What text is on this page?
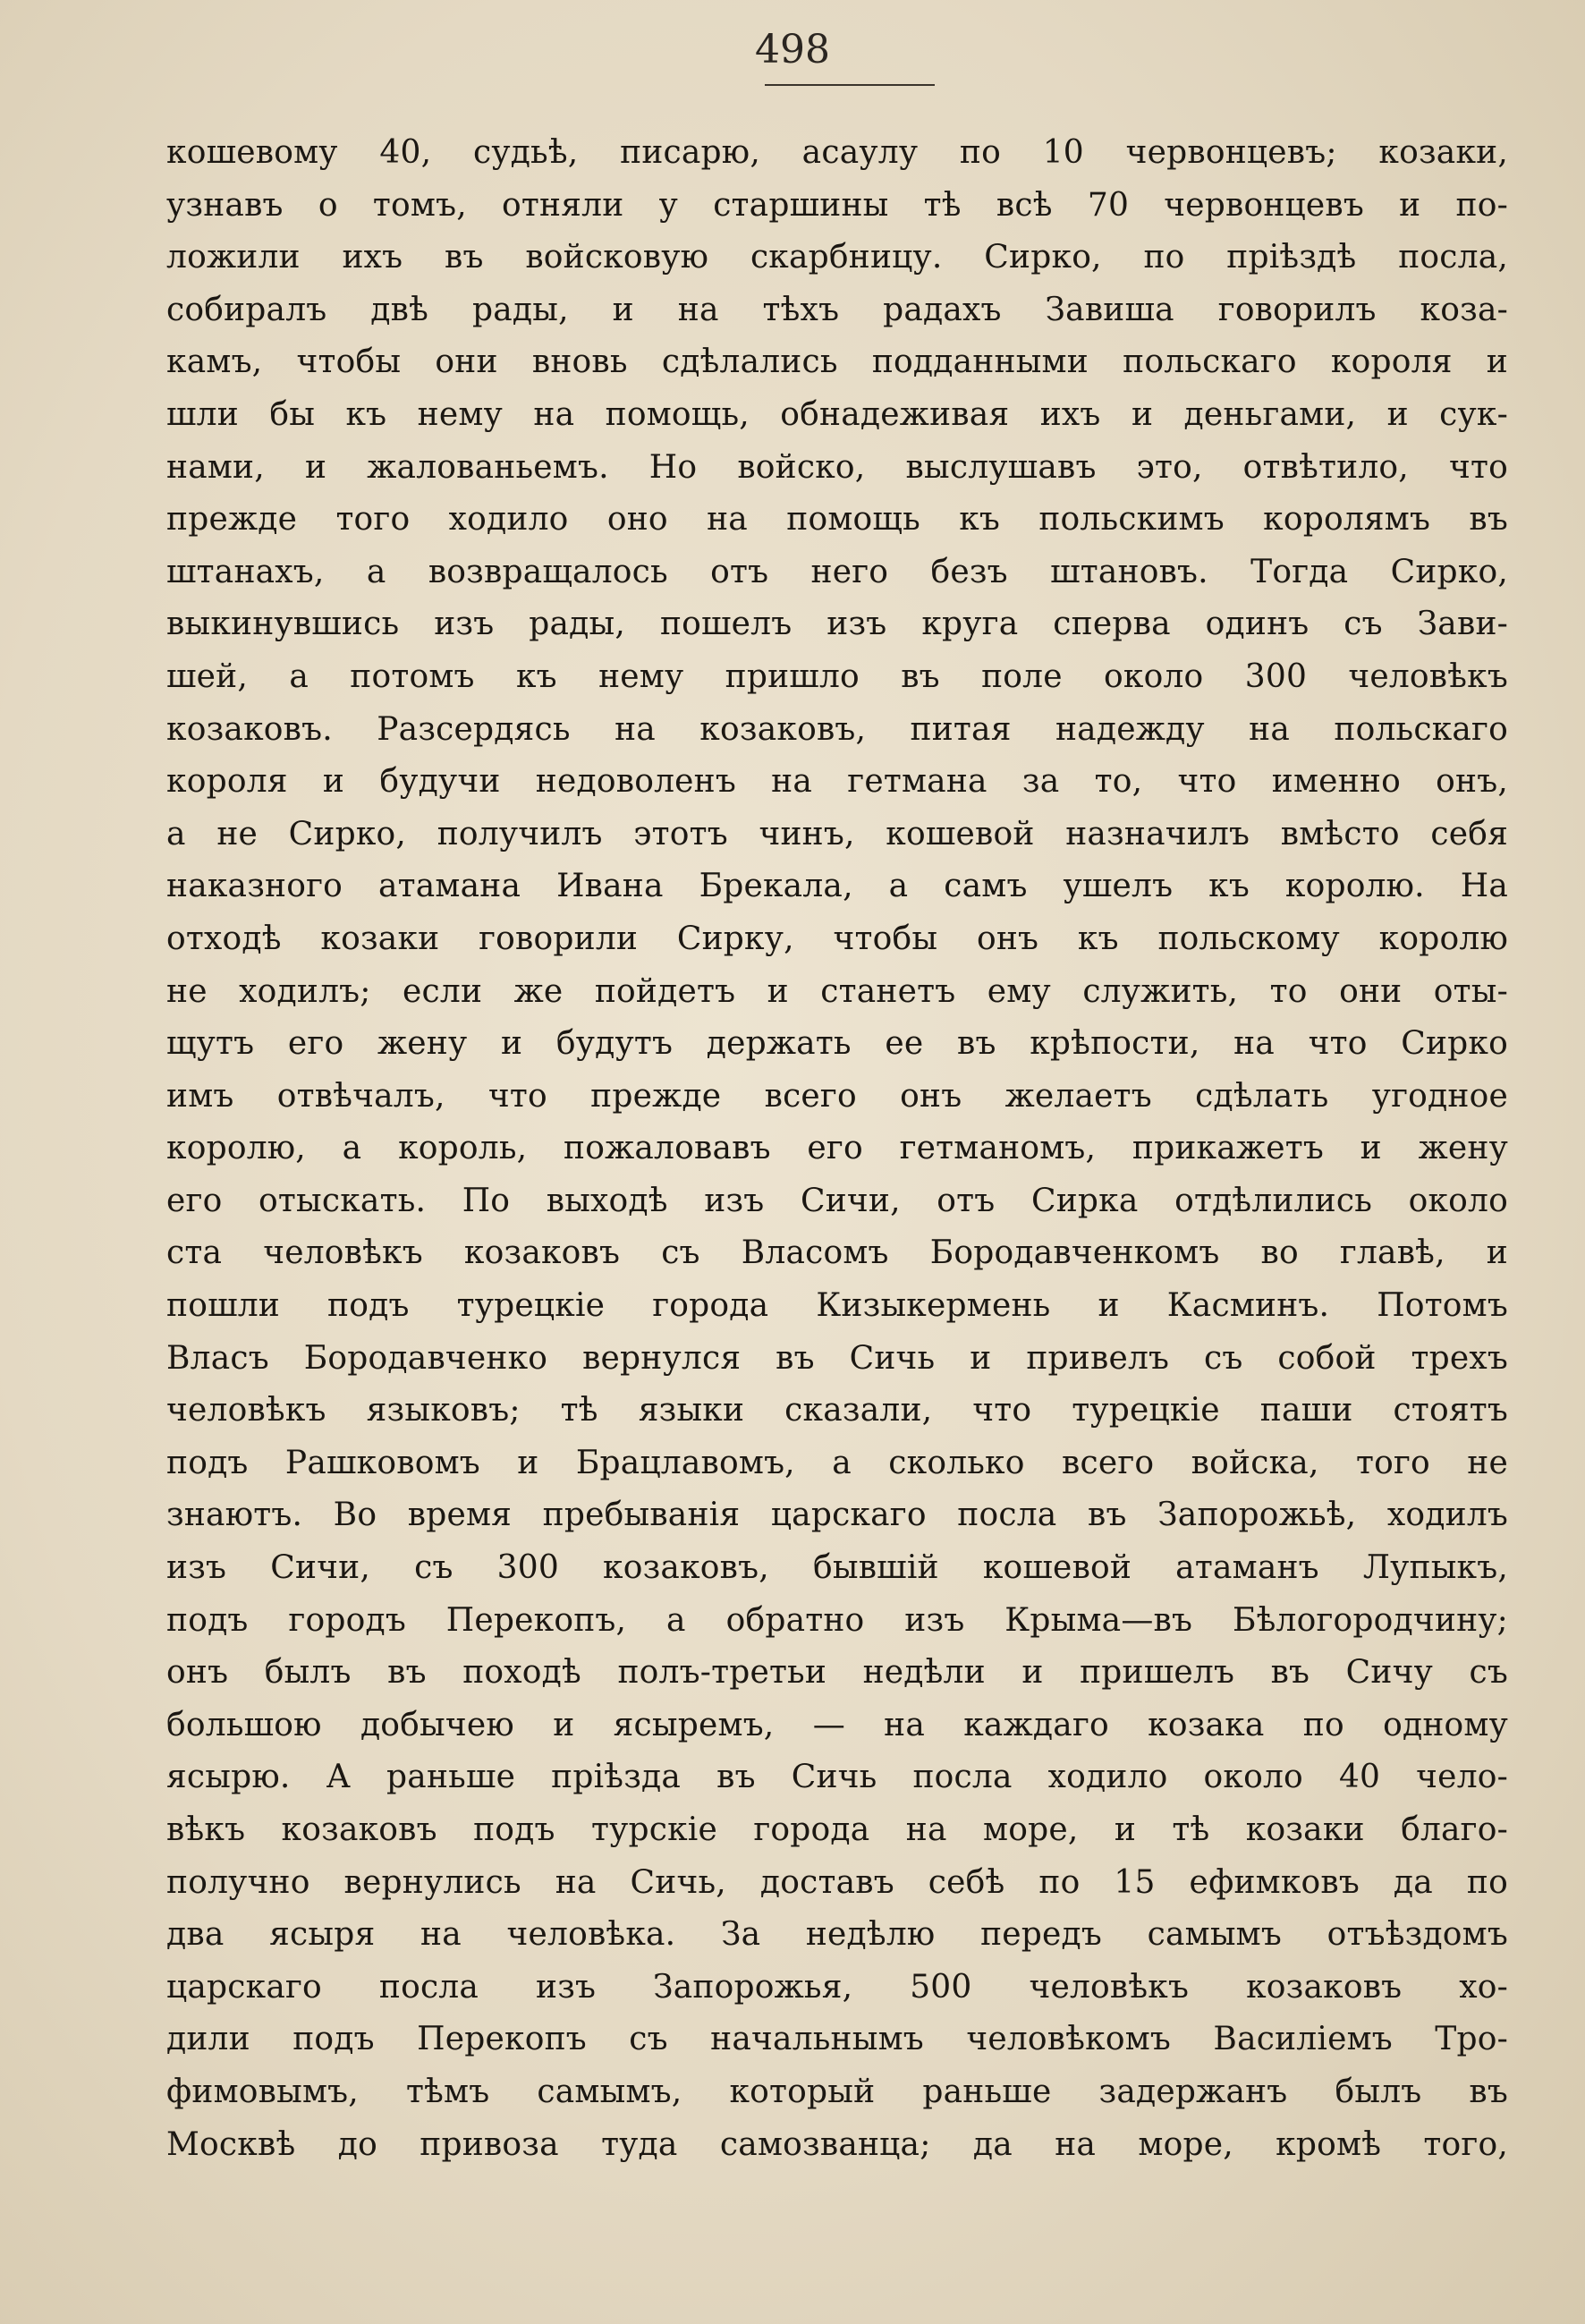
498
кошевому 40, судьѣ, писарю, асаулу по 10 червонцевъ; козаки,
узнавъ о томъ, отняли у старшины тѣ всѣ 70 червонцевъ и по-
ложили ихъ въ войсковую скарбницу. Сирко, по пріѣздѣ посла,
собиралъ двѣ рады, и на тѣхъ радахъ Завиша говорилъ коза-
камъ, чтобы они вновь сдѣлались подданными польскаго короля и
шли бы къ нему на помощь, обнадеживая ихъ и деньгами, и сук-
нами, и жалованьемъ. Но войско, выслушавъ это, отвѣтило, что
прежде того ходило оно на помощь къ польскимъ королямъ въ
штанахъ, а возвращалось отъ него безъ штановъ. Тогда Сирко,
выкинувшись изъ рады, пошелъ изъ круга сперва одинъ съ Зави-
шей, а потомъ къ нему пришло въ поле около 300 человѣкъ
козаковъ. Разсердясь на козаковъ, питая надежду на польскаго
короля и будучи недоволенъ на гетмана за то, что именно онъ,
а не Сирко, получилъ этотъ чинъ, кошевой назначилъ вмѣсто себя
наказного атамана Ивана Брекала, а самъ ушелъ къ королю. На
отходѣ козаки говорили Сирку, чтобы онъ къ польскому королю
не ходилъ; если же пойдетъ и станетъ ему служить, то они оты-
щутъ его жену и будутъ держать ее въ крѣпости, на что Сирко
имъ отвѣчалъ, что прежде всего онъ желаетъ сдѣлать угодное
королю, а король, пожаловавъ его гетманомъ, прикажетъ и жену
его отыскать. По выходѣ изъ Сичи, отъ Сирка отдѣлились около
ста человѣкъ козаковъ съ Власомъ Бородавченкомъ во главѣ, и
пошли подъ турецкіе города Кизыкермень и Касминъ. Потомъ
Власъ Бородавченко вернулся въ Сичь и привелъ съ собой трехъ
человѣкъ языковъ; тѣ языки сказали, что турецкіе паши стоятъ
подъ Рашковомъ и Брацлавомъ, а сколько всего войска, того не
знаютъ. Во время пребыванія царскаго посла въ Запорожьѣ, ходилъ
изъ Сичи, съ 300 козаковъ, бывшій кошевой атаманъ Лупыкъ,
подъ городъ Перекопъ, а обратно изъ Крыма—въ Бѣлогородчину;
онъ былъ въ походѣ полъ-третьи недѣли и пришелъ въ Сичу съ
большою добычею и ясыремъ, — на каждаго козака по одному
ясырю. А раньше пріѣзда въ Сичь посла ходило около 40 чело-
вѣкъ козаковъ подъ турскіе города на море, и тѣ козаки благо-
получно вернулись на Сичь, доставъ себѣ по 15 ефимковъ да по
два ясыря на человѣка. За недѣлю передъ самымъ отъѣздомъ
царскаго посла изъ Запорожья, 500 человѣкъ козаковъ хо-
дили подъ Перекопъ съ начальнымъ человѣкомъ Василіемъ Тро-
фимовымъ, тѣмъ самымъ, который раньше задержанъ былъ въ
Москвѣ до привоза туда самозванца; да на море, кромѣ того,
